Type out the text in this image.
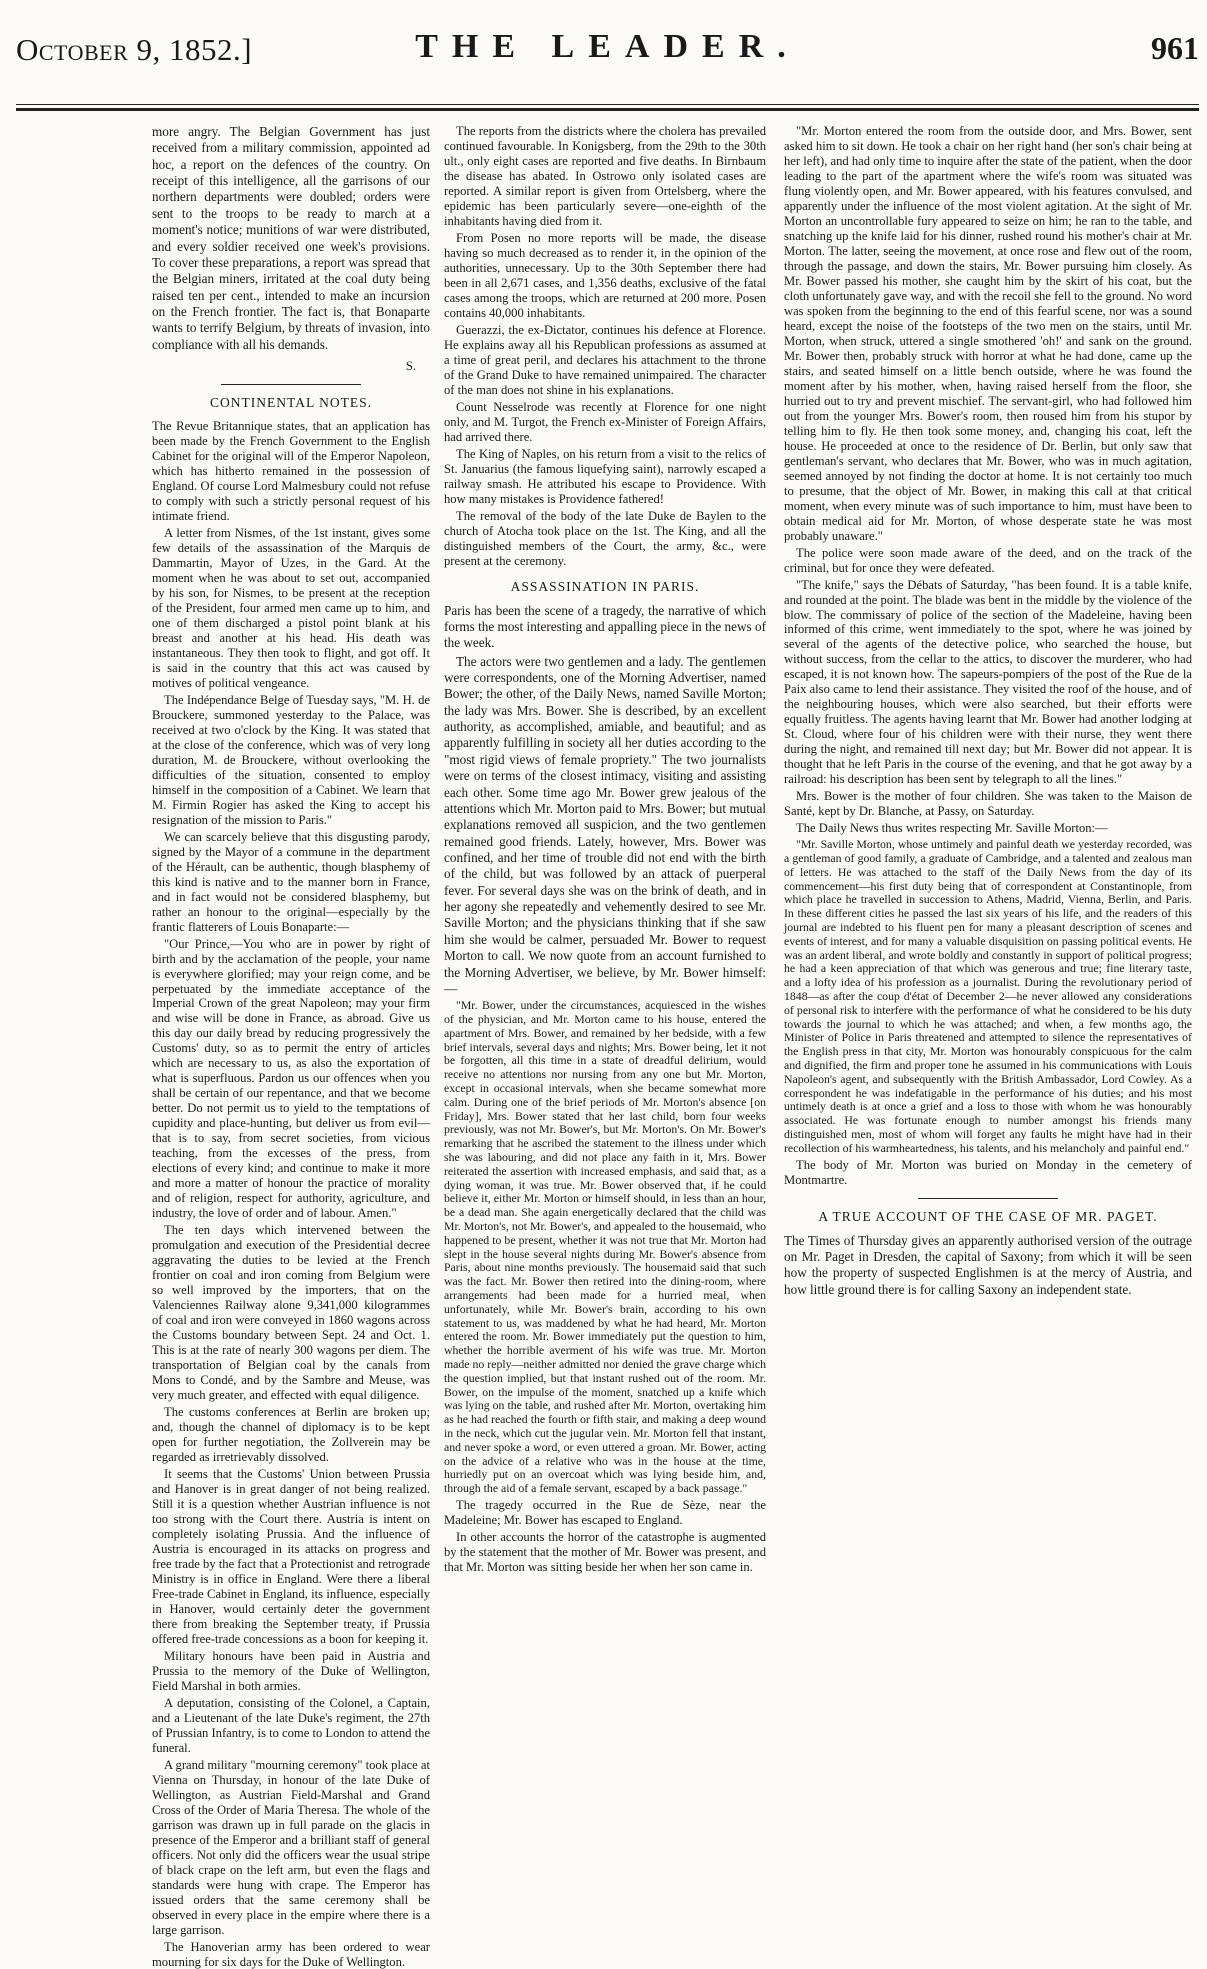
October 9, 1852.]	THE LEADER.	961

more angry. The Belgian Government has just received from a military commission, appointed ad hoc, a report on the defences of the country. On receipt of this intelligence, all the garrisons of our northern departments were doubled; orders were sent to the troops to be ready to march at a moment's notice; munitions of war were distributed, and every soldier received one week's provisions. To cover these preparations, a report was spread that the Belgian miners, irritated at the coal duty being raised ten per cent., intended to make an incursion on the French frontier. The fact is, that Bonaparte wants to terrify Belgium, by threats of invasion, into compliance with all his demands.

S.

CONTINENTAL NOTES.

The Revue Britannique states, that an application has been made by the French Government to the English Cabinet for the original will of the Emperor Napoleon, which has hitherto remained in the possession of England. Of course Lord Malmesbury could not refuse to comply with such a strictly personal request of his intimate friend.

A letter from Nismes, of the 1st instant, gives some few details of the assassination of the Marquis de Dammartin, Mayor of Uzes, in the Gard. At the moment when he was about to set out, accompanied by his son, for Nismes, to be present at the reception of the President, four armed men came up to him, and one of them discharged a pistol point blank at his breast and another at his head. His death was instantaneous. They then took to flight, and got off. It is said in the country that this act was caused by motives of political vengeance.

The Indépendance Belge of Tuesday says, "M. H. de Brouckere, summoned yesterday to the Palace, was received at two o'clock by the King. It was stated that at the close of the conference, which was of very long duration, M. de Brouckere, without overlooking the difficulties of the situation, consented to employ himself in the composition of a Cabinet. We learn that M. Firmin Rogier has asked the King to accept his resignation of the mission to Paris."

We can scarcely believe that this disgusting parody, signed by the Mayor of a commune in the department of the Hérault, can be authentic, though blasphemy of this kind is native and to the manner born in France, and in fact would not be considered blasphemy, but rather an honour to the original—especially by the frantic flatterers of Louis Bonaparte:—

"Our Prince,—You who are in power by right of birth and by the acclamation of the people, your name is everywhere glorified; may your reign come, and be perpetuated by the immediate acceptance of the Imperial Crown of the great Napoleon; may your firm and wise will be done in France, as abroad. Give us this day our daily bread by reducing progressively the Customs' duty, so as to permit the entry of articles which are necessary to us, as also the exportation of what is superfluous. Pardon us our offences when you shall be certain of our repentance, and that we become better. Do not permit us to yield to the temptations of cupidity and place-hunting, but deliver us from evil—that is to say, from secret societies, from vicious teaching, from the excesses of the press, from elections of every kind; and continue to make it more and more a matter of honour the practice of morality and of religion, respect for authority, agriculture, and industry, the love of order and of labour. Amen."

The ten days which intervened between the promulgation and execution of the Presidential decree aggravating the duties to be levied at the French frontier on coal and iron coming from Belgium were so well improved by the importers, that on the Valenciennes Railway alone 9,341,000 kilogrammes of coal and iron were conveyed in 1860 wagons across the Customs boundary between Sept. 24 and Oct. 1. This is at the rate of nearly 300 wagons per diem. The transportation of Belgian coal by the canals from Mons to Condé, and by the Sambre and Meuse, was very much greater, and effected with equal diligence.

The customs conferences at Berlin are broken up; and, though the channel of diplomacy is to be kept open for further negotiation, the Zollverein may be regarded as irretrievably dissolved.

It seems that the Customs' Union between Prussia and Hanover is in great danger of not being realized. Still it is a question whether Austrian influence is not too strong with the Court there. Austria is intent on completely isolating Prussia. And the influence of Austria is encouraged in its attacks on progress and free trade by the fact that a Protectionist and retrograde Ministry is in office in England. Were there a liberal Free-trade Cabinet in England, its influence, especially in Hanover, would certainly deter the government there from breaking the September treaty, if Prussia offered free-trade concessions as a boon for keeping it.

Military honours have been paid in Austria and Prussia to the memory of the Duke of Wellington, Field Marshal in both armies.

A deputation, consisting of the Colonel, a Captain, and a Lieutenant of the late Duke's regiment, the 27th of Prussian Infantry, is to come to London to attend the funeral.

A grand military "mourning ceremony" took place at Vienna on Thursday, in honour of the late Duke of Wellington, as Austrian Field-Marshal and Grand Cross of the Order of Maria Theresa. The whole of the garrison was drawn up in full parade on the glacis in presence of the Emperor and a brilliant staff of general officers. Not only did the officers wear the usual stripe of black crape on the left arm, but even the flags and standards were hung with crape. The Emperor has issued orders that the same ceremony shall be observed in every place in the empire where there is a large garrison.

The Hanoverian army has been ordered to wear mourning for six days for the Duke of Wellington.

The reports from the districts where the cholera has prevailed continued favourable. In Konigsberg, from the 29th to the 30th ult., only eight cases are reported and five deaths. In Birnbaum the disease has abated. In Ostrowo only isolated cases are reported. A similar report is given from Ortelsberg, where the epidemic has been particularly severe—one-eighth of the inhabitants having died from it.

From Posen no more reports will be made, the disease having so much decreased as to render it, in the opinion of the authorities, unnecessary. Up to the 30th September there had been in all 2,671 cases, and 1,356 deaths, exclusive of the fatal cases among the troops, which are returned at 200 more. Posen contains 40,000 inhabitants.

Guerazzi, the ex-Dictator, continues his defence at Florence. He explains away all his Republican professions as assumed at a time of great peril, and declares his attachment to the throne of the Grand Duke to have remained unimpaired. The character of the man does not shine in his explanations.

Count Nesselrode was recently at Florence for one night only, and M. Turgot, the French ex-Minister of Foreign Affairs, had arrived there.

The King of Naples, on his return from a visit to the relics of St. Januarius (the famous liquefying saint), narrowly escaped a railway smash. He attributed his escape to Providence. With how many mistakes is Providence fathered!

The removal of the body of the late Duke de Baylen to the church of Atocha took place on the 1st. The King, and all the distinguished members of the Court, the army, &c., were present at the ceremony.

ASSASSINATION IN PARIS.

Paris has been the scene of a tragedy, the narrative of which forms the most interesting and appalling piece in the news of the week.

The actors were two gentlemen and a lady. The gentlemen were correspondents, one of the Morning Advertiser, named Bower; the other, of the Daily News, named Saville Morton; the lady was Mrs. Bower. She is described, by an excellent authority, as accomplished, amiable, and beautiful; and as apparently fulfilling in society all her duties according to the "most rigid views of female propriety." The two journalists were on terms of the closest intimacy, visiting and assisting each other. Some time ago Mr. Bower grew jealous of the attentions which Mr. Morton paid to Mrs. Bower; but mutual explanations removed all suspicion, and the two gentlemen remained good friends. Lately, however, Mrs. Bower was confined, and her time of trouble did not end with the birth of the child, but was followed by an attack of puerperal fever. For several days she was on the brink of death, and in her agony she repeatedly and vehemently desired to see Mr. Saville Morton; and the physicians thinking that if she saw him she would be calmer, persuaded Mr. Bower to request Morton to call. We now quote from an account furnished to the Morning Advertiser, we believe, by Mr. Bower himself:—

"Mr. Bower, under the circumstances, acquiesced in the wishes of the physician, and Mr. Morton came to his house, entered the apartment of Mrs. Bower, and remained by her bedside, with a few brief intervals, several days and nights; Mrs. Bower being, let it not be forgotten, all this time in a state of dreadful delirium, would receive no attentions nor nursing from any one but Mr. Morton, except in occasional intervals, when she became somewhat more calm. During one of the brief periods of Mr. Morton's absence [on Friday], Mrs. Bower stated that her last child, born four weeks previously, was not Mr. Bower's, but Mr. Morton's. On Mr. Bower's remarking that he ascribed the statement to the illness under which she was labouring, and did not place any faith in it, Mrs. Bower reiterated the assertion with increased emphasis, and said that, as a dying woman, it was true. Mr. Bower observed that, if he could believe it, either Mr. Morton or himself should, in less than an hour, be a dead man. She again energetically declared that the child was Mr. Morton's, not Mr. Bower's, and appealed to the housemaid, who happened to be present, whether it was not true that Mr. Morton had slept in the house several nights during Mr. Bower's absence from Paris, about nine months previously. The housemaid said that such was the fact. Mr. Bower then retired into the dining-room, where arrangements had been made for a hurried meal, when unfortunately, while Mr. Bower's brain, according to his own statement to us, was maddened by what he had heard, Mr. Morton entered the room. Mr. Bower immediately put the question to him, whether the horrible averment of his wife was true. Mr. Morton made no reply—neither admitted nor denied the grave charge which the question implied, but that instant rushed out of the room. Mr. Bower, on the impulse of the moment, snatched up a knife which was lying on the table, and rushed after Mr. Morton, overtaking him as he had reached the fourth or fifth stair, and making a deep wound in the neck, which cut the jugular vein. Mr. Morton fell that instant, and never spoke a word, or even uttered a groan. Mr. Bower, acting on the advice of a relative who was in the house at the time, hurriedly put on an overcoat which was lying beside him, and, through the aid of a female servant, escaped by a back passage."

The tragedy occurred in the Rue de Sèze, near the Madeleine; Mr. Bower has escaped to England.

In other accounts the horror of the catastrophe is augmented by the statement that the mother of Mr. Bower was present, and that Mr. Morton was sitting beside her when her son came in.

"Mr. Morton entered the room from the outside door, and Mrs. Bower, sent asked him to sit down. He took a chair on her right hand (her son's chair being at her left), and had only time to inquire after the state of the patient, when the door leading to the part of the apartment where the wife's room was situated was flung violently open, and Mr. Bower appeared, with his features convulsed, and apparently under the influence of the most violent agitation. At the sight of Mr. Morton an uncontrollable fury appeared to seize on him; he ran to the table, and snatching up the knife laid for his dinner, rushed round his mother's chair at Mr. Morton. The latter, seeing the movement, at once rose and flew out of the room, through the passage, and down the stairs, Mr. Bower pursuing him closely. As Mr. Bower passed his mother, she caught him by the skirt of his coat, but the cloth unfortunately gave way, and with the recoil she fell to the ground. No word was spoken from the beginning to the end of this fearful scene, nor was a sound heard, except the noise of the footsteps of the two men on the stairs, until Mr. Morton, when struck, uttered a single smothered 'oh!' and sank on the ground. Mr. Bower then, probably struck with horror at what he had done, came up the stairs, and seated himself on a little bench outside, where he was found the moment after by his mother, when, having raised herself from the floor, she hurried out to try and prevent mischief. The servant-girl, who had followed him out from the younger Mrs. Bower's room, then roused him from his stupor by telling him to fly. He then took some money, and, changing his coat, left the house. He proceeded at once to the residence of Dr. Berlin, but only saw that gentleman's servant, who declares that Mr. Bower, who was in much agitation, seemed annoyed by not finding the doctor at home. It is not certainly too much to presume, that the object of Mr. Bower, in making this call at that critical moment, when every minute was of such importance to him, must have been to obtain medical aid for Mr. Morton, of whose desperate state he was most probably unaware."

The police were soon made aware of the deed, and on the track of the criminal, but for once they were defeated.

"The knife," says the Débats of Saturday, "has been found. It is a table knife, and rounded at the point. The blade was bent in the middle by the violence of the blow. The commissary of police of the section of the Madeleine, having been informed of this crime, went immediately to the spot, where he was joined by several of the agents of the detective police, who searched the house, but without success, from the cellar to the attics, to discover the murderer, who had escaped, it is not known how. The sapeurs-pompiers of the post of the Rue de la Paix also came to lend their assistance. They visited the roof of the house, and of the neighbouring houses, which were also searched, but their efforts were equally fruitless. The agents having learnt that Mr. Bower had another lodging at St. Cloud, where four of his children were with their nurse, they went there during the night, and remained till next day; but Mr. Bower did not appear. It is thought that he left Paris in the course of the evening, and that he got away by a railroad: his description has been sent by telegraph to all the lines."

Mrs. Bower is the mother of four children. She was taken to the Maison de Santé, kept by Dr. Blanche, at Passy, on Saturday.

The Daily News thus writes respecting Mr. Saville Morton:—

"Mr. Saville Morton, whose untimely and painful death we yesterday recorded, was a gentleman of good family, a graduate of Cambridge, and a talented and zealous man of letters. He was attached to the staff of the Daily News from the day of its commencement—his first duty being that of correspondent at Constantinople, from which place he travelled in succession to Athens, Madrid, Vienna, Berlin, and Paris. In these different cities he passed the last six years of his life, and the readers of this journal are indebted to his fluent pen for many a pleasant description of scenes and events of interest, and for many a valuable disquisition on passing political events. He was an ardent liberal, and wrote boldly and constantly in support of political progress; he had a keen appreciation of that which was generous and true; fine literary taste, and a lofty idea of his profession as a journalist. During the revolutionary period of 1848—as after the coup d'état of December 2—he never allowed any considerations of personal risk to interfere with the performance of what he considered to be his duty towards the journal to which he was attached; and when, a few months ago, the Minister of Police in Paris threatened and attempted to silence the representatives of the English press in that city, Mr. Morton was honourably conspicuous for the calm and dignified, the firm and proper tone he assumed in his communications with Louis Napoleon's agent, and subsequently with the British Ambassador, Lord Cowley. As a correspondent he was indefatigable in the performance of his duties; and his most untimely death is at once a grief and a loss to those with whom he was honourably associated. He was fortunate enough to number amongst his friends many distinguished men, most of whom will forget any faults he might have had in their recollection of his warmheartedness, his talents, and his melancholy and painful end."

The body of Mr. Morton was buried on Monday in the cemetery of Montmartre.

A TRUE ACCOUNT OF THE CASE OF MR. PAGET.

The Times of Thursday gives an apparently authorised version of the outrage on Mr. Paget in Dresden, the capital of Saxony; from which it will be seen how the property of suspected Englishmen is at the mercy of Austria, and how little ground there is for calling Saxony an independent state.
